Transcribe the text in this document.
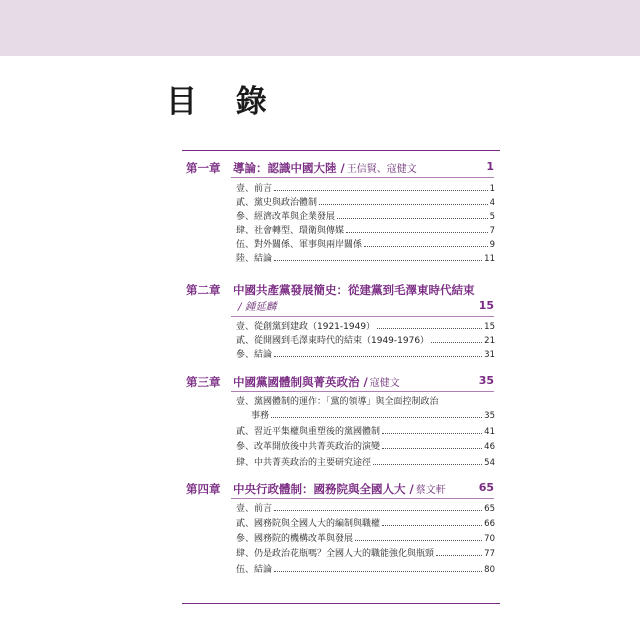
目 錄
第一章 導論：認識中國大陸 / 王信賢、寇健文	1
壹、前言	1
貳、黨史與政治體制	4
參、經濟改革與企業發展	5
肆、社會轉型、環衛與傳媒	7
伍、對外關係、軍事與兩岸關係	9
陸、結論	11
第二章 中國共產黨發展簡史：從建黨到毛澤東時代結束
/ 鍾延麟	15
壹、從創黨到建政（1921-1949）	15
貳、從開國到毛澤東時代的結束（1949-1976）	21
參、結論	31
第三章 中國黨國體制與菁英政治 / 寇健文	35
壹、黨國體制的運作：「黨的領導」與全面控制政治
事務	35
貳、習近平集權與重塑後的黨國體制	41
參、改革開放後中共菁英政治的演變	46
肆、中共菁英政治的主要研究途徑	54
第四章 中央行政體制：國務院與全國人大 / 蔡文軒	65
壹、前言	65
貳、國務院與全國人大的編制與職權	66
參、國務院的機構改革與發展	70
肆、仍是政治花瓶嗎？全國人大的職能強化與瓶頸	77
伍、結論	80
